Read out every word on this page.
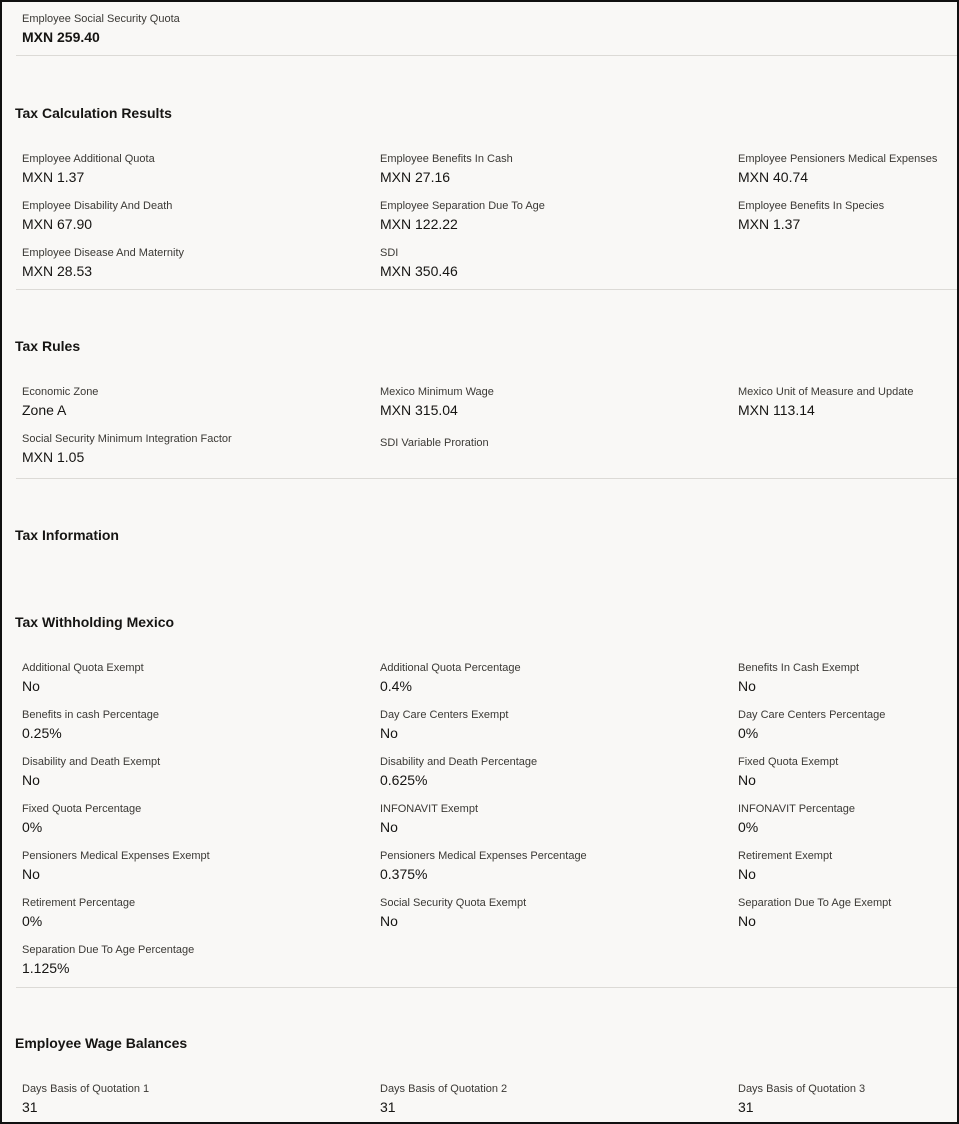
Employee Social Security Quota
MXN 259.40
Tax Calculation Results
Employee Additional Quota
MXN 1.37
Employee Benefits In Cash
MXN 27.16
Employee Pensioners Medical Expenses
MXN 40.74
Employee Disability And Death
MXN 67.90
Employee Separation Due To Age
MXN 122.22
Employee Benefits In Species
MXN 1.37
Employee Disease And Maternity
MXN 28.53
SDI
MXN 350.46
Tax Rules
Economic Zone
Zone A
Mexico Minimum Wage
MXN 315.04
Mexico Unit of Measure and Update
MXN 113.14
Social Security Minimum Integration Factor
MXN 1.05
SDI Variable Proration
Tax Information
Tax Withholding Mexico
Additional Quota Exempt
No
Additional Quota Percentage
0.4%
Benefits In Cash Exempt
No
Benefits in cash Percentage
0.25%
Day Care Centers Exempt
No
Day Care Centers Percentage
0%
Disability and Death Exempt
No
Disability and Death Percentage
0.625%
Fixed Quota Exempt
No
Fixed Quota Percentage
0%
INFONAVIT Exempt
No
INFONAVIT Percentage
0%
Pensioners Medical Expenses Exempt
No
Pensioners Medical Expenses Percentage
0.375%
Retirement Exempt
No
Retirement Percentage
0%
Social Security Quota Exempt
No
Separation Due To Age Exempt
No
Separation Due To Age Percentage
1.125%
Employee Wage Balances
Days Basis of Quotation 1
31
Days Basis of Quotation 2
31
Days Basis of Quotation 3
31
